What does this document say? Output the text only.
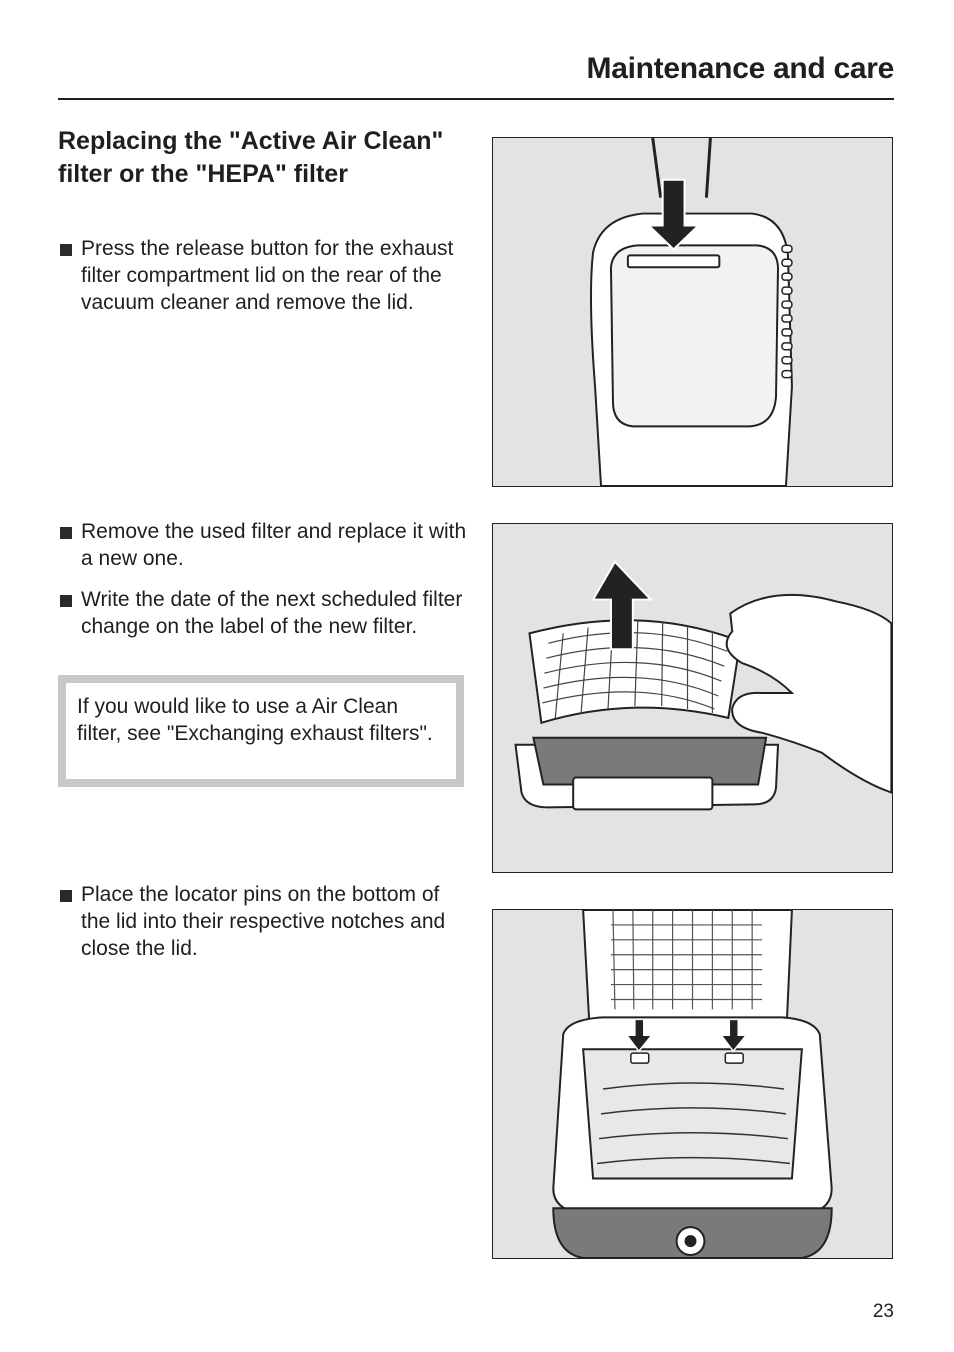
Maintenance and care
Replacing the "Active Air Clean" filter or the "HEPA" filter
Press the release button for the exhaust filter compartment lid on the rear of the vacuum cleaner and remove the lid.
Remove the used filter and replace it with a new one.
Write the date of the next scheduled filter change on the label of the new filter.
If you would like to use a Air Clean filter, see "Exchanging exhaust filters".
Place the locator pins on the bottom of the lid into their respective notches and close the lid.
23
